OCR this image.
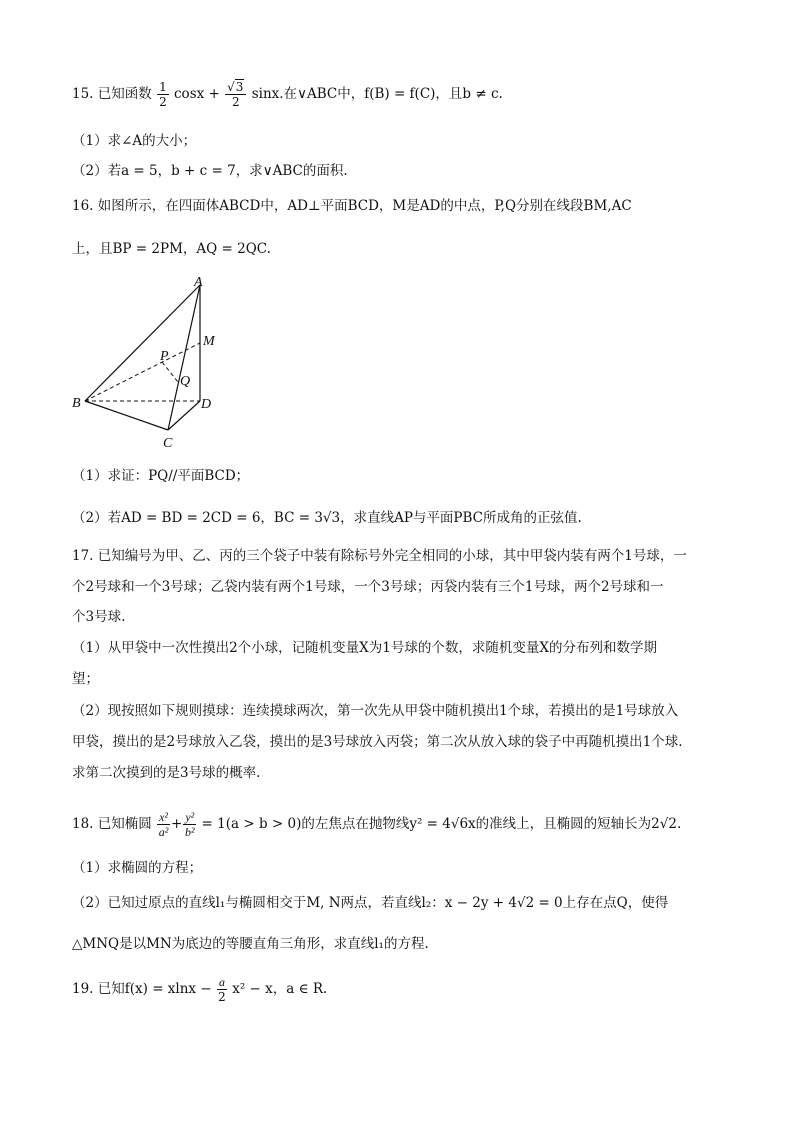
15. 已知函数 $\frac{1}{2}$ $\cos x + \frac{√3}{2} \sin x$.在∨ABC中，f(B) = f(C)，且b ≠ c.
（1）求∠A的大小；
（2）若a = 5，b + c = 7，求∨ABC的面积.
16. 如图所示，在四面体ABCD中，AD⊥平面BCD，M是AD的中点，P,Q分别在线段BM,AC
上，且BP = 2PM，AQ = 2QC.
A
M
P
Q
B	D
C
（1）求证：PQ//平面BCD；
（2）若AD = BD = 2CD = 6，BC = 3√3，求直线AP与平面PBC所成角的正弦值.
17. 已知编号为甲、乙、丙的三个袋子中装有除标号外完全相同的小球，其中甲袋内装有两个1号球，一
个2号球和一个3号球；乙袋内装有两个1号球，一个3号球；丙袋内装有三个1号球，两个2号球和一
个3号球.
（1）从甲袋中一次性摸出2个小球，记随机变量X为1号球的个数，求随机变量X的分布列和数学期
望；
（2）现按照如下规则摸球：连续摸球两次，第一次先从甲袋中随机摸出1个球，若摸出的是1号球放入
甲袋，摸出的是2号球放入乙袋，摸出的是3号球放入丙袋；第二次从放入球的袋子中再随机摸出1个球.
求第二次摸到的是3号球的概率.
18. 已知椭圆 $\frac{\text{x²}}{\text{a²}} + \frac{\text{y²}}{\text{b²}} = 1(a > b > 0)$的左焦点在抛物线y² = 4√6x的准线上，且椭圆的短轴长为2√2.
（1）求椭圆的方程；
（2）已知过原点的直线l₁与椭圆相交于M, N两点，若直线l₂：x − 2y + 4√2 = 0上存在点Q，使得
△MNQ是以MN为底边的等腰直角三角形，求直线l₁的方程.
19. 已知$f(x) = xlnx - \frac{a}{2} x^2 - x$，a ∈ R.
